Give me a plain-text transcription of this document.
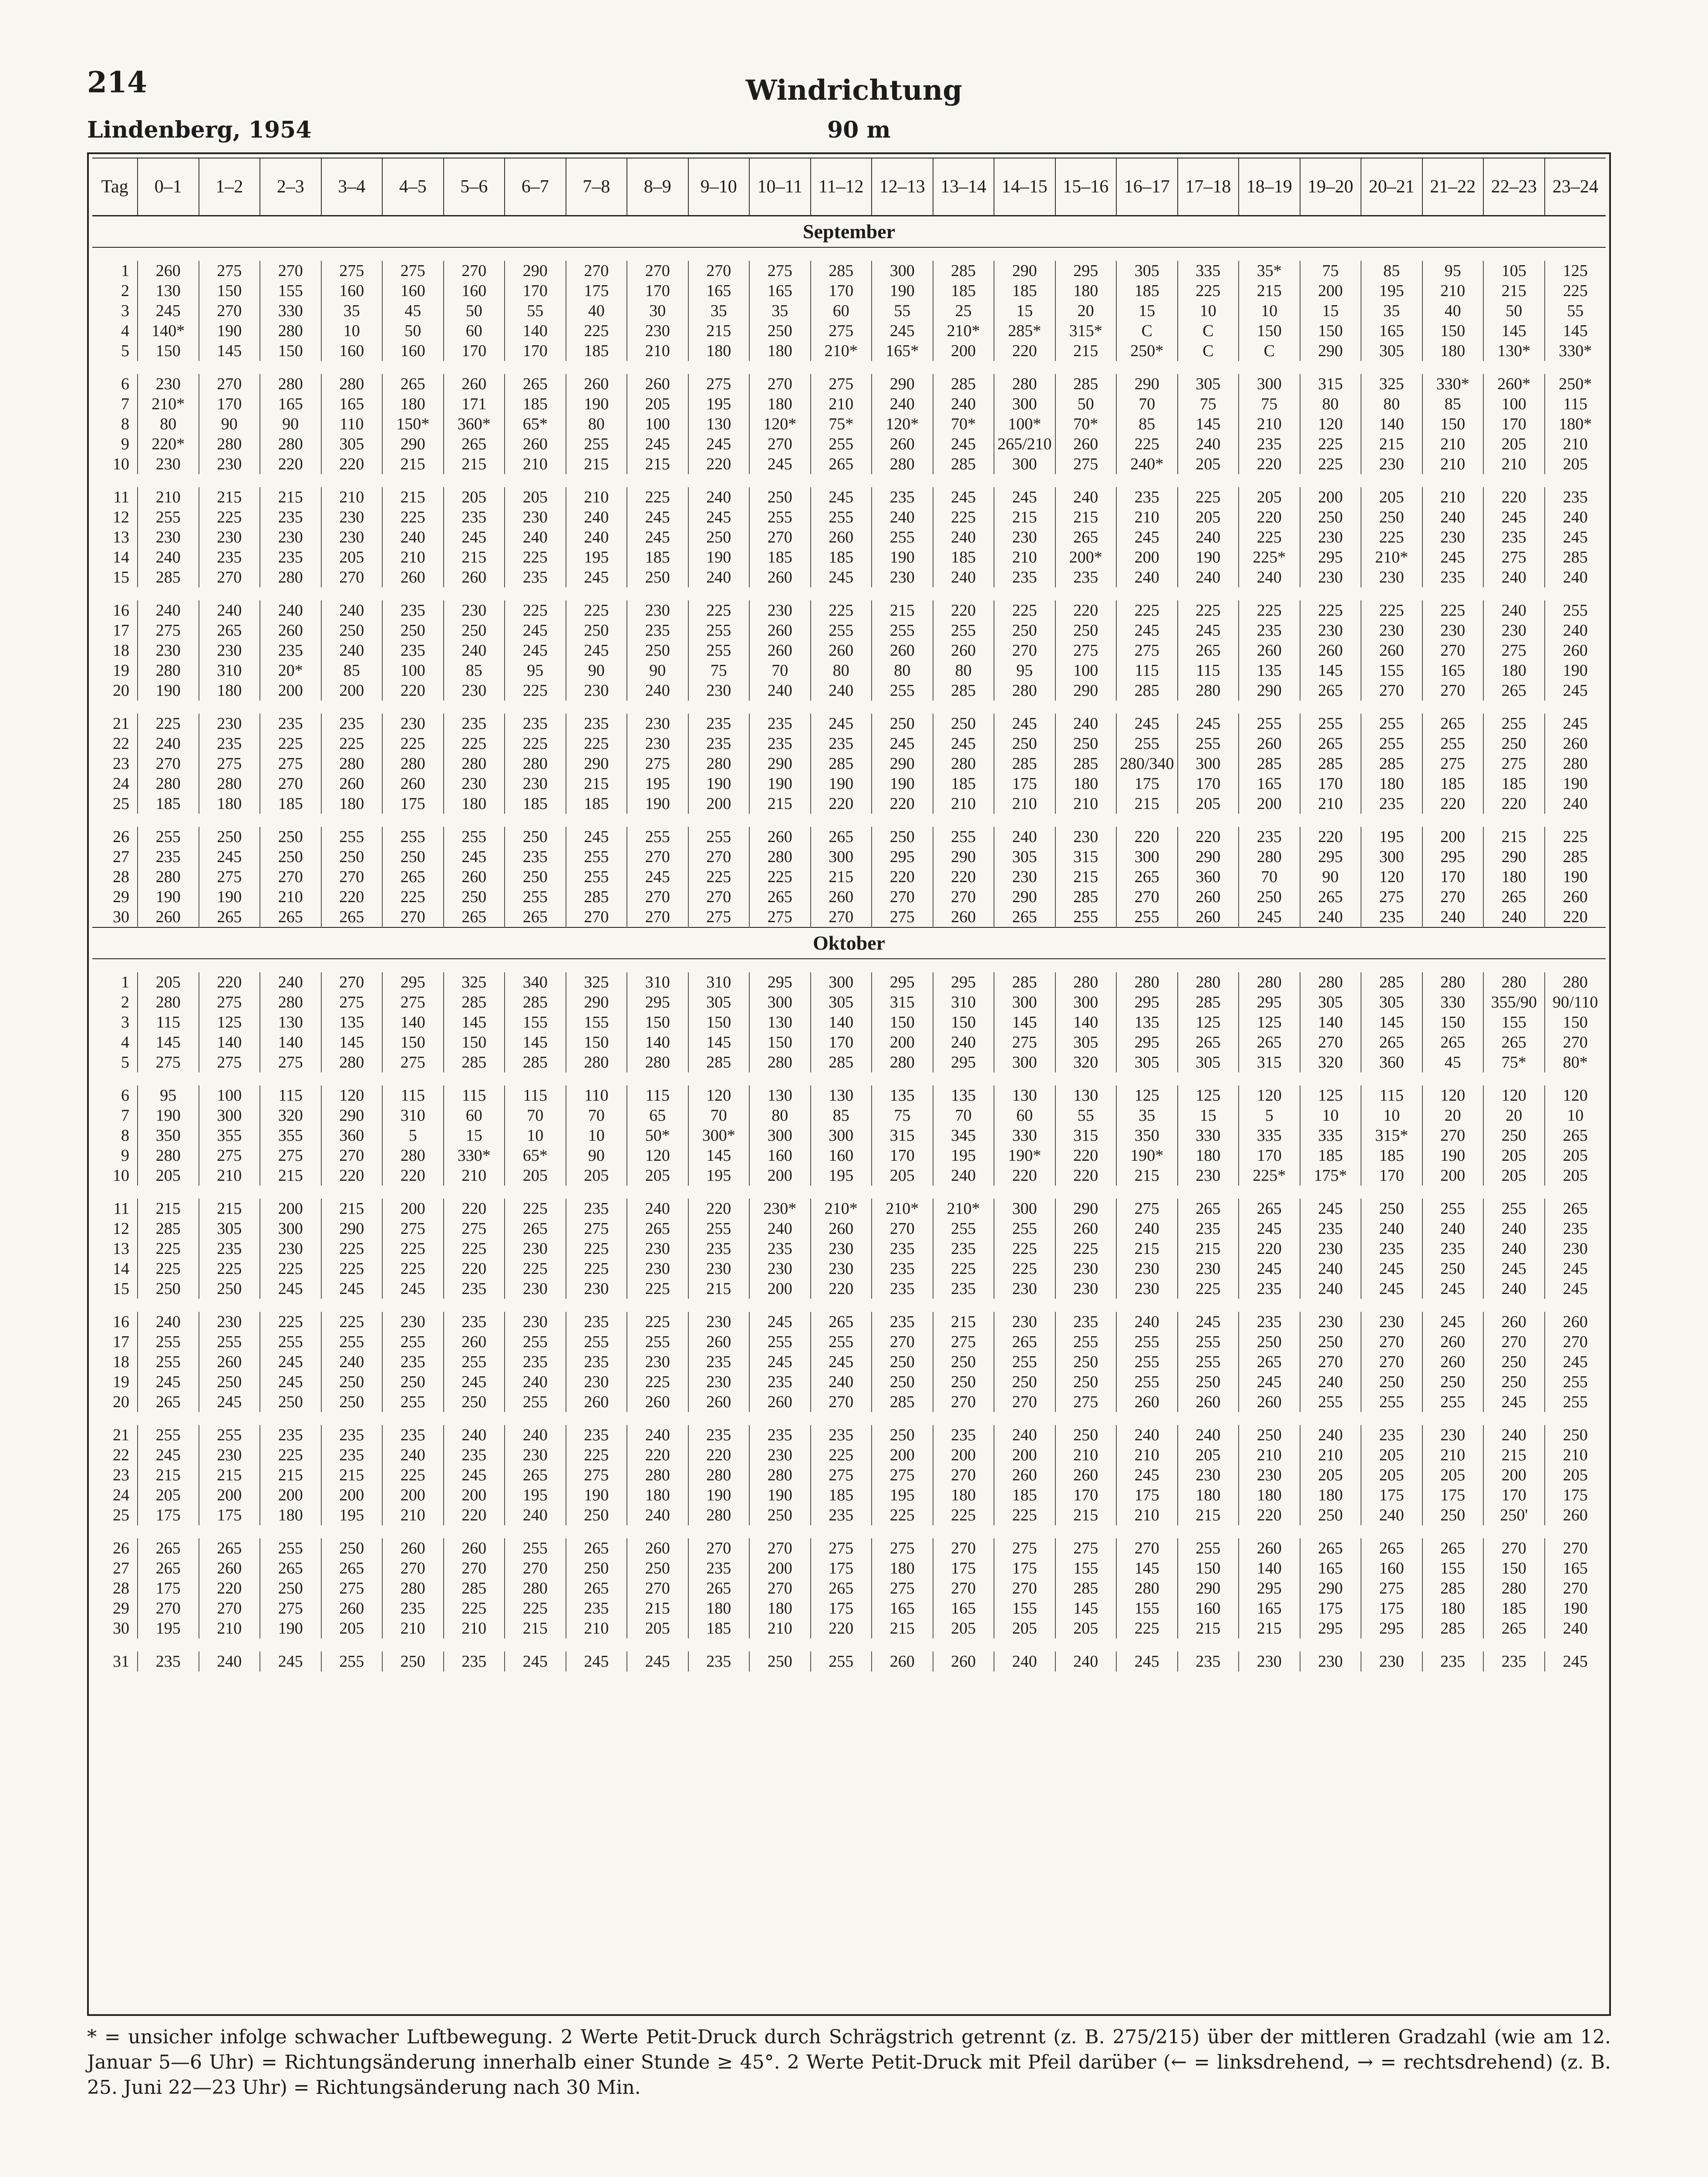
214	Windrichtung
Lindenberg, 1954	90 m
Tag	0–1	1–2	2–3	3–4	4–5	5–6	6–7	7–8	8–9	9–10	10–11	11–12	12–13	13–14	14–15	15–16	16–17	17–18	18–19	19–20	20–21	21–22	22–23	23–24
September																								

1	260	275	270	275	275	270	290	270	270	270	275	285	300	285	290	295	305	335	35*	75	85	95	105	125
2	130	150	155	160	160	160	170	175	170	165	165	170	190	185	185	180	185	225	215	200	195	210	215	225
3	245	270	330	35	45	50	55	40	30	35	35	60	55	25	15	20	15	10	10	15	35	40	50	55
4	140*	190	280	10	50	60	140	225	230	215	250	275	245	210*	285*	315*	C	C	150	150	165	150	145	145
5	150	145	150	160	160	170	170	185	210	180	180	210*	165*	200	220	215	250*	C	C	290	305	180	130*	330*

6	230	270	280	280	265	260	265	260	260	275	270	275	290	285	280	285	290	305	300	315	325	330*	260*	250*
7	210*	170	165	165	180	171	185	190	205	195	180	210	240	240	300	50	70	75	75	80	80	85	100	115
8	80	90	90	110	150*	360*	65*	80	100	130	120*	75*	120*	70*	100*	70*	85	145	210	120	140	150	170	180*
9	220*	280	280	305	290	265	260	255	245	245	270	255	260	245	265/210	260	225	240	235	225	215	210	205	210
10	230	230	220	220	215	215	210	215	215	220	245	265	280	285	300	275	240*	205	220	225	230	210	210	205

11	210	215	215	210	215	205	205	210	225	240	250	245	235	245	245	240	235	225	205	200	205	210	220	235
12	255	225	235	230	225	235	230	240	245	245	255	255	240	225	215	215	210	205	220	250	250	240	245	240
13	230	230	230	230	240	245	240	240	245	250	270	260	255	240	230	265	245	240	225	230	225	230	235	245
14	240	235	235	205	210	215	225	195	185	190	185	185	190	185	210	200*	200	190	225*	295	210*	245	275	285
15	285	270	280	270	260	260	235	245	250	240	260	245	230	240	235	235	240	240	240	230	230	235	240	240

16	240	240	240	240	235	230	225	225	230	225	230	225	215	220	225	220	225	225	225	225	225	225	240	255
17	275	265	260	250	250	250	245	250	235	255	260	255	255	255	250	250	245	245	235	230	230	230	230	240
18	230	230	235	240	235	240	245	245	250	255	260	260	260	260	270	275	275	265	260	260	260	270	275	260
19	280	310	20*	85	100	85	95	90	90	75	70	80	80	80	95	100	115	115	135	145	155	165	180	190
20	190	180	200	200	220	230	225	230	240	230	240	240	255	285	280	290	285	280	290	265	270	270	265	245

21	225	230	235	235	230	235	235	235	230	235	235	245	250	250	245	240	245	245	255	255	255	265	255	245
22	240	235	225	225	225	225	225	225	230	235	235	235	245	245	250	250	255	255	260	265	255	255	250	260
23	270	275	275	280	280	280	280	290	275	280	290	285	290	280	285	285	280/340	300	285	285	285	275	275	280
24	280	280	270	260	260	230	230	215	195	190	190	190	190	185	175	180	175	170	165	170	180	185	185	190
25	185	180	185	180	175	180	185	185	190	200	215	220	220	210	210	210	215	205	200	210	235	220	220	240

26	255	250	250	255	255	255	250	245	255	255	260	265	250	255	240	230	220	220	235	220	195	200	215	225
27	235	245	250	250	250	245	235	255	270	270	280	300	295	290	305	315	300	290	280	295	300	295	290	285
28	280	275	270	270	265	260	250	255	245	225	225	215	220	220	230	215	265	360	70	90	120	170	180	190
29	190	190	210	220	225	250	255	285	270	270	265	260	270	270	290	285	270	260	250	265	275	270	265	260
30	260	265	265	265	270	265	265	270	270	275	275	270	275	260	265	255	255	260	245	240	235	240	240	220
Oktober																								

1	205	220	240	270	295	325	340	325	310	310	295	300	295	295	285	280	280	280	280	280	285	280	280	280
2	280	275	280	275	275	285	285	290	295	305	300	305	315	310	300	300	295	285	295	305	305	330	355/90	90/110
3	115	125	130	135	140	145	155	155	150	150	130	140	150	150	145	140	135	125	125	140	145	150	155	150
4	145	140	140	145	150	150	145	150	140	145	150	170	200	240	275	305	295	265	265	270	265	265	265	270
5	275	275	275	280	275	285	285	280	280	285	280	285	280	295	300	320	305	305	315	320	360	45	75*	80*

6	95	100	115	120	115	115	115	110	115	120	130	130	135	135	130	130	125	125	120	125	115	120	120	120
7	190	300	320	290	310	60	70	70	65	70	80	85	75	70	60	55	35	15	5	10	10	20	20	10
8	350	355	355	360	5	15	10	10	50*	300*	300	300	315	345	330	315	350	330	335	335	315*	270	250	265
9	280	275	275	270	280	330*	65*	90	120	145	160	160	170	195	190*	220	190*	180	170	185	185	190	205	205
10	205	210	215	220	220	210	205	205	205	195	200	195	205	240	220	220	215	230	225*	175*	170	200	205	205

11	215	215	200	215	200	220	225	235	240	220	230*	210*	210*	210*	300	290	275	265	265	245	250	255	255	265
12	285	305	300	290	275	275	265	275	265	255	240	260	270	255	255	260	240	235	245	235	240	240	240	235
13	225	235	230	225	225	225	230	225	230	235	235	230	235	235	225	225	215	215	220	230	235	235	240	230
14	225	225	225	225	225	220	225	225	230	230	230	230	235	225	225	230	230	230	245	240	245	250	245	245
15	250	250	245	245	245	235	230	230	225	215	200	220	235	235	230	230	230	225	235	240	245	245	240	245

16	240	230	225	225	230	235	230	235	225	230	245	265	235	215	230	235	240	245	235	230	230	245	260	260
17	255	255	255	255	255	260	255	255	255	260	255	255	270	275	265	255	255	255	250	250	270	260	270	270
18	255	260	245	240	235	255	235	235	230	235	245	245	250	250	255	250	255	255	265	270	270	260	250	245
19	245	250	245	250	250	245	240	230	225	230	235	240	250	250	250	250	255	250	245	240	250	250	250	255
20	265	245	250	250	255	250	255	260	260	260	260	270	285	270	270	275	260	260	260	255	255	255	245	255

21	255	255	235	235	235	240	240	235	240	235	235	235	250	235	240	250	240	240	250	240	235	230	240	250
22	245	230	225	235	240	235	230	225	220	220	230	225	200	200	200	210	210	205	210	210	205	210	215	210
23	215	215	215	215	225	245	265	275	280	280	280	275	275	270	260	260	245	230	230	205	205	205	200	205
24	205	200	200	200	200	200	195	190	180	190	190	185	195	180	185	170	175	180	180	180	175	175	170	175
25	175	175	180	195	210	220	240	250	240	280	250	235	225	225	225	215	210	215	220	250	240	250	250'	260

26	265	265	255	250	260	260	255	265	260	270	270	275	275	270	275	275	270	255	260	265	265	265	270	270
27	265	260	265	265	270	270	270	250	250	235	200	175	180	175	175	155	145	150	140	165	160	155	150	165
28	175	220	250	275	280	285	280	265	270	265	270	265	275	270	270	285	280	290	295	290	275	285	280	270
29	270	270	275	260	235	225	225	235	215	180	180	175	165	165	155	145	155	160	165	175	175	180	185	190
30	195	210	190	205	210	210	215	210	205	185	210	220	215	205	205	205	225	215	215	295	295	285	265	240

31	235	240	245	255	250	235	245	245	245	235	250	255	260	260	240	240	245	235	230	230	230	235	235	245
* = unsicher infolge schwacher Luftbewegung. 2 Werte Petit-Druck durch Schrägstrich getrennt (z. B. 275/215) über der mittleren Gradzahl (wie am 12. Januar 5—6 Uhr) = Richtungsänderung innerhalb einer Stunde ≥ 45°. 2 Werte Petit-Druck mit Pfeil darüber (← = linksdrehend, → = rechtsdrehend) (z. B. 25. Juni 22—23 Uhr) = Richtungsänderung nach 30 Min.
